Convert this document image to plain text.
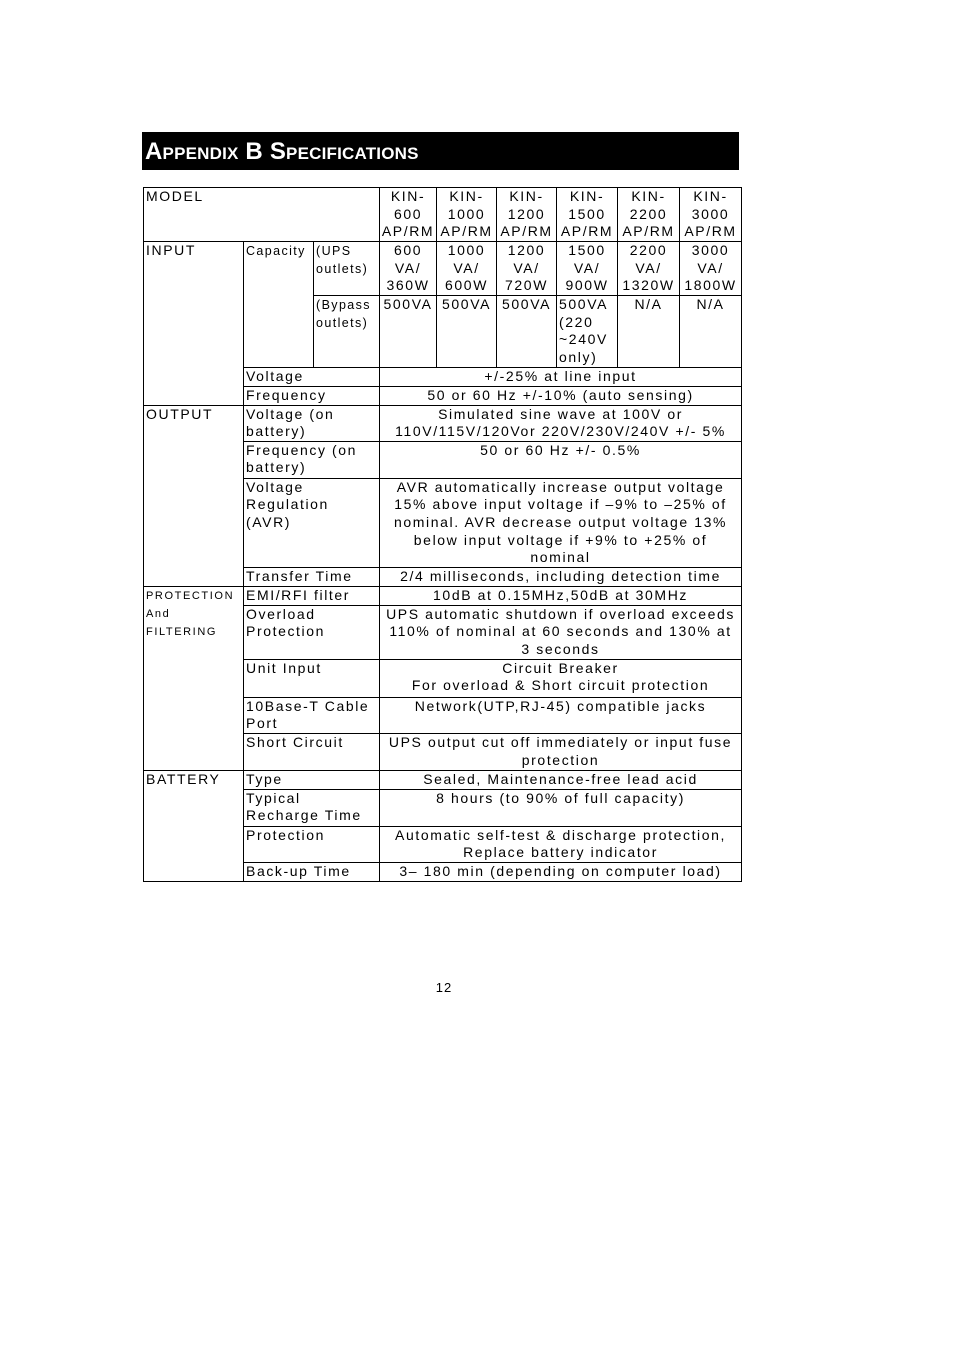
Appendix B Specifications
MODEL			KIN-600 AP/RM	KIN-1000 AP/RM	KIN-1200 AP/RM	KIN-1500 AP/RM	KIN-2200 AP/RM	KIN-3000 AP/RM
INPUT	Capacity	(UPS outlets)	600 VA/ 360W	1000 VA/ 600W	1200 VA/ 720W	1500 VA/ 900W	2200 VA/ 1320W	3000 VA/ 1800W
		(Bypass outlets)	500VA	500VA	500VA	500VA (220 ~240V only)	N/A	N/A
	Voltage		+/-25% at line input					
	Frequency		50 or 60 Hz +/-10% (auto sensing)					
OUTPUT	Voltage (on battery)		Simulated sine wave at 100V or 110V/115V/120Vor 220V/230V/240V +/- 5%					
	Frequency (on battery)		50 or 60 Hz +/- 0.5%					
	Voltage Regulation (AVR)		AVR automatically increase output voltage 15% above input voltage if –9% to –25% of nominal. AVR decrease output voltage 13% below input voltage if +9% to +25% of nominal					
	Transfer Time		2/4 milliseconds, including detection time					

PROTECTION
And
FILTERING	EMI/RFI filter		10dB at 0.15MHz,50dB at 30MHz					
	Overload Protection		UPS automatic shutdown if overload exceeds 110% of nominal at 60 seconds and 130% at 3 seconds					
	Unit Input		Circuit Breaker
For overload & Short circuit protection					

	10Base-T Cable Port		Network(UTP,RJ-45) compatible jacks					
	Short Circuit		UPS output cut off immediately or input fuse protection					
BATTERY	Type		Sealed, Maintenance-free lead acid					
	Typical Recharge Time		8 hours (to 90% of full capacity)					
	Protection		Automatic self-test & discharge protection, Replace battery indicator					
	Back-up Time		3– 180 min (depending on computer load)					
12
